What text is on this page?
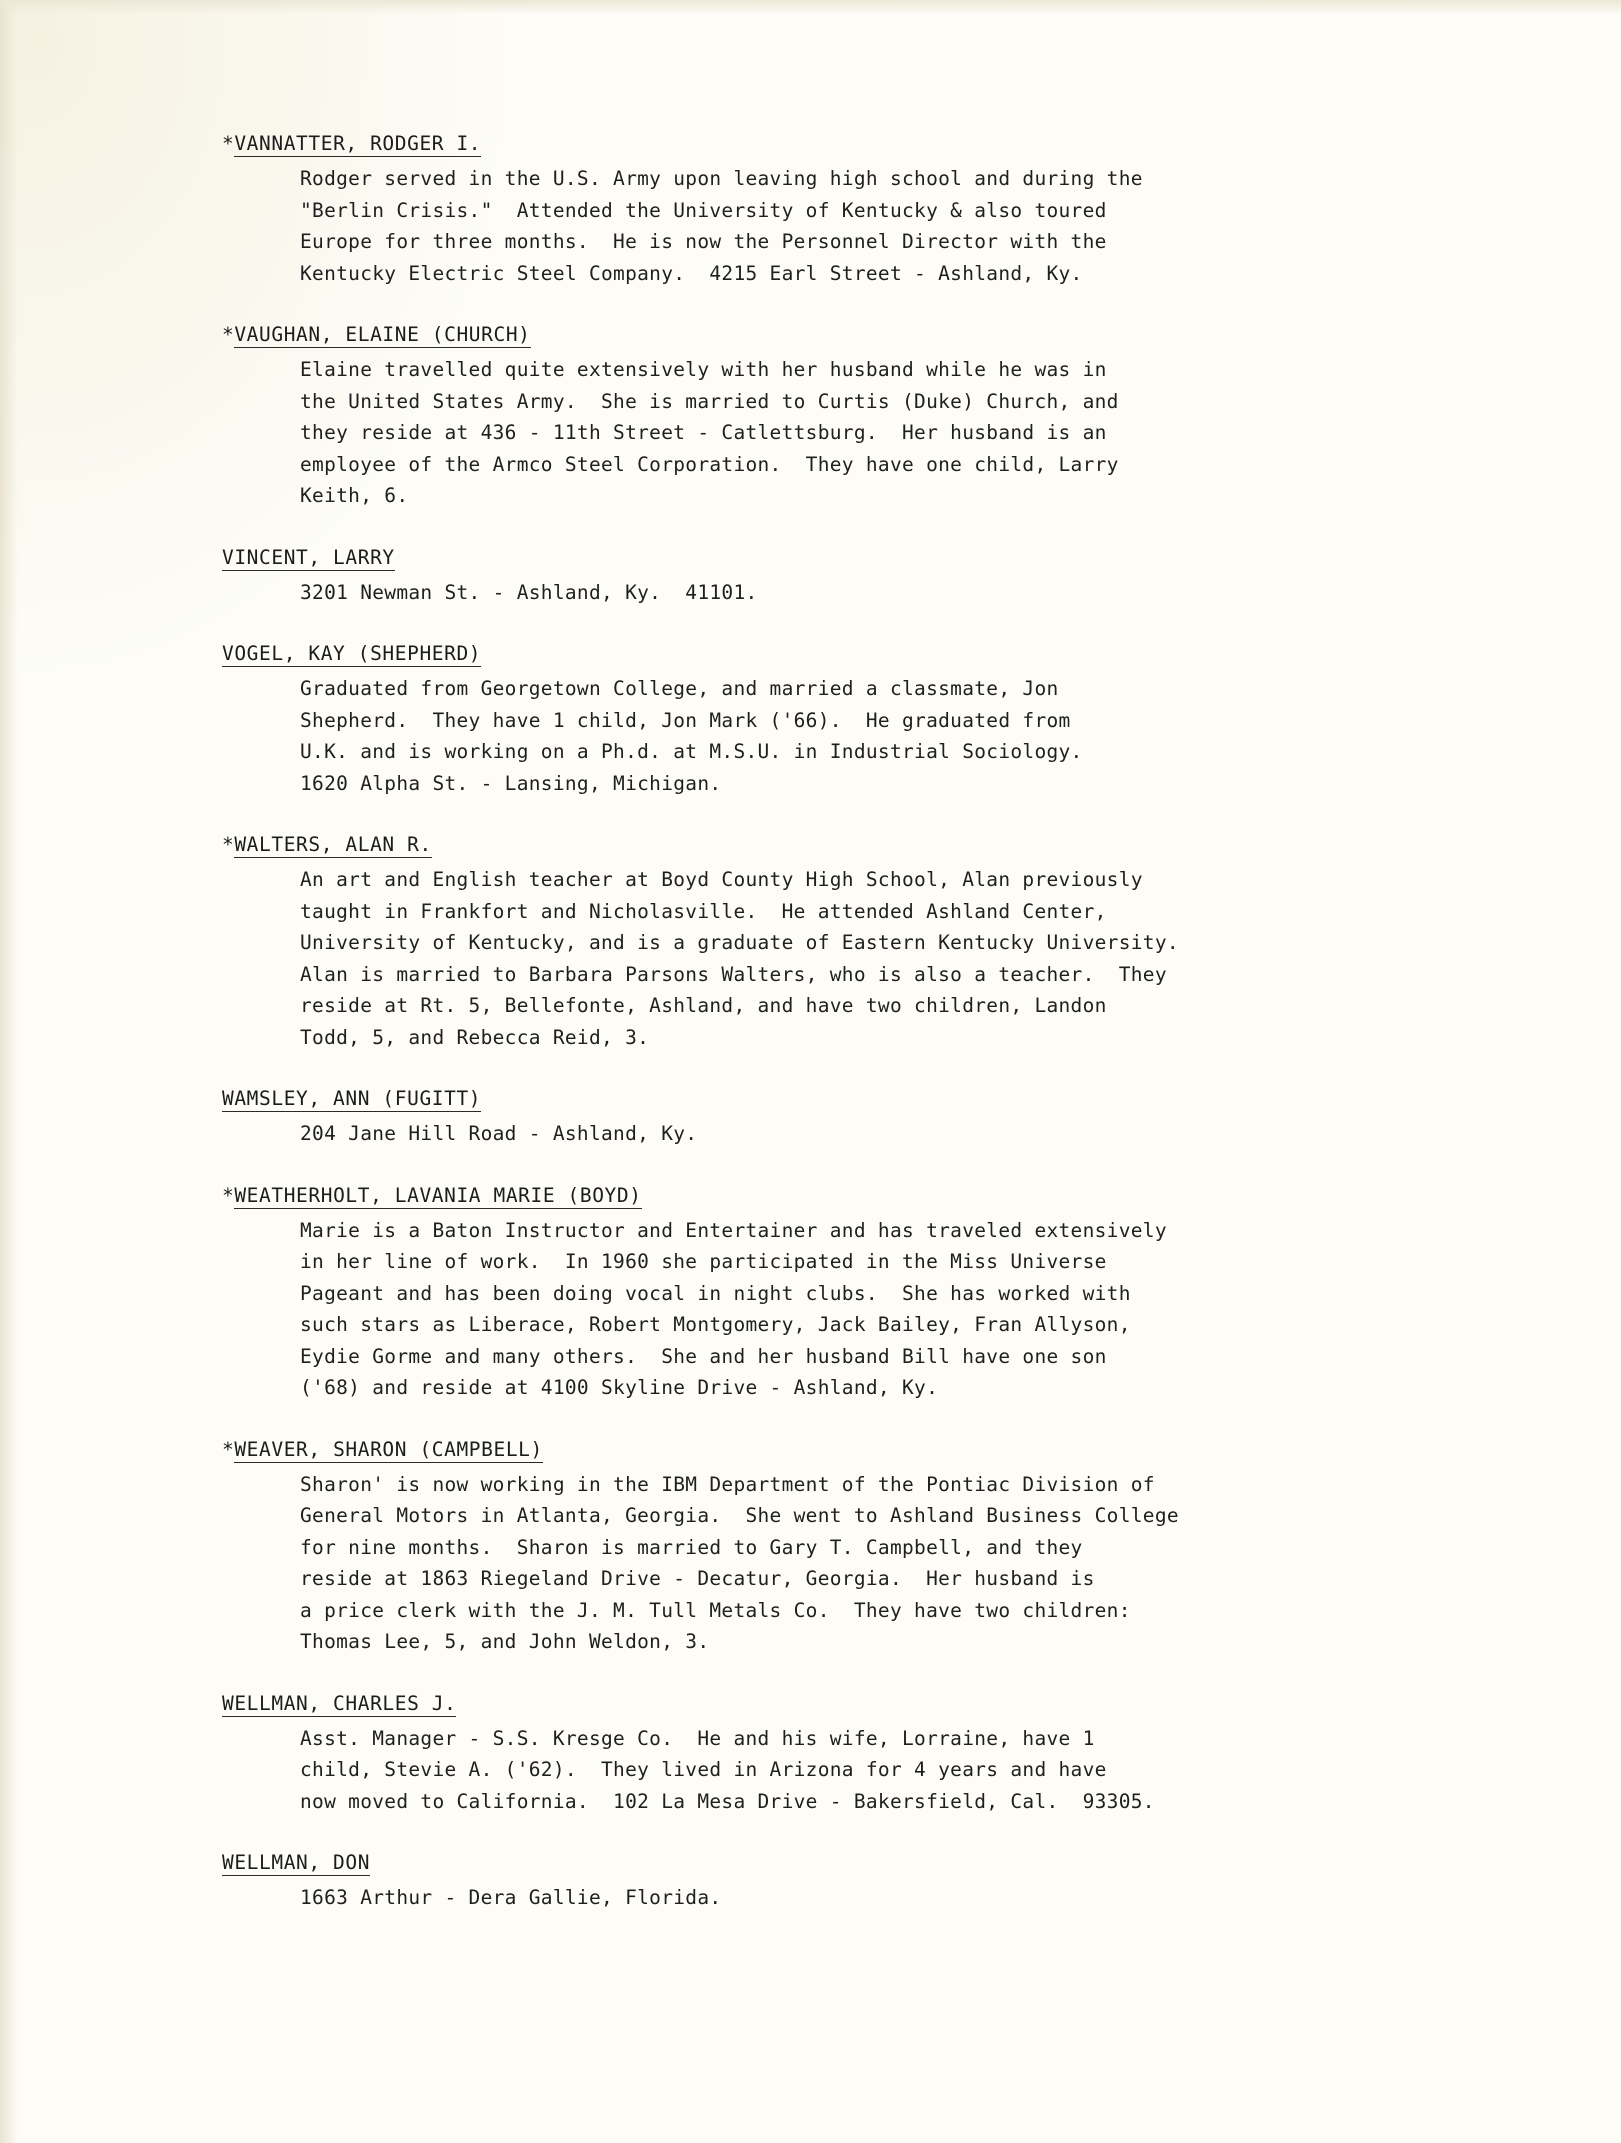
*VANNATTER, RODGER I.
Rodger served in the U.S. Army upon leaving high school and during the
"Berlin Crisis."  Attended the University of Kentucky & also toured
Europe for three months.  He is now the Personnel Director with the
Kentucky Electric Steel Company.  4215 Earl Street - Ashland, Ky.
*VAUGHAN, ELAINE (CHURCH)
Elaine travelled quite extensively with her husband while he was in
the United States Army.  She is married to Curtis (Duke) Church, and
they reside at 436 - 11th Street - Catlettsburg.  Her husband is an
employee of the Armco Steel Corporation.  They have one child, Larry
Keith, 6.
VINCENT, LARRY
3201 Newman St. - Ashland, Ky.  41101.
VOGEL, KAY (SHEPHERD)
Graduated from Georgetown College, and married a classmate, Jon
Shepherd.  They have 1 child, Jon Mark ('66).  He graduated from
U.K. and is working on a Ph.d. at M.S.U. in Industrial Sociology.
1620 Alpha St. - Lansing, Michigan.
*WALTERS, ALAN R.
An art and English teacher at Boyd County High School, Alan previously
taught in Frankfort and Nicholasville.  He attended Ashland Center,
University of Kentucky, and is a graduate of Eastern Kentucky University.
Alan is married to Barbara Parsons Walters, who is also a teacher.  They
reside at Rt. 5, Bellefonte, Ashland, and have two children, Landon
Todd, 5, and Rebecca Reid, 3.
WAMSLEY, ANN (FUGITT)
204 Jane Hill Road - Ashland, Ky.
*WEATHERHOLT, LAVANIA MARIE (BOYD)
Marie is a Baton Instructor and Entertainer and has traveled extensively
in her line of work.  In 1960 she participated in the Miss Universe
Pageant and has been doing vocal in night clubs.  She has worked with
such stars as Liberace, Robert Montgomery, Jack Bailey, Fran Allyson,
Eydie Gorme and many others.  She and her husband Bill have one son
('68) and reside at 4100 Skyline Drive - Ashland, Ky.
*WEAVER, SHARON (CAMPBELL)
Sharon' is now working in the IBM Department of the Pontiac Division of
General Motors in Atlanta, Georgia.  She went to Ashland Business College
for nine months.  Sharon is married to Gary T. Campbell, and they
reside at 1863 Riegeland Drive - Decatur, Georgia.  Her husband is
a price clerk with the J. M. Tull Metals Co.  They have two children:
Thomas Lee, 5, and John Weldon, 3.
WELLMAN, CHARLES J.
Asst. Manager - S.S. Kresge Co.  He and his wife, Lorraine, have 1
child, Stevie A. ('62).  They lived in Arizona for 4 years and have
now moved to California.  102 La Mesa Drive - Bakersfield, Cal.  93305.
WELLMAN, DON
1663 Arthur - Dera Gallie, Florida.
